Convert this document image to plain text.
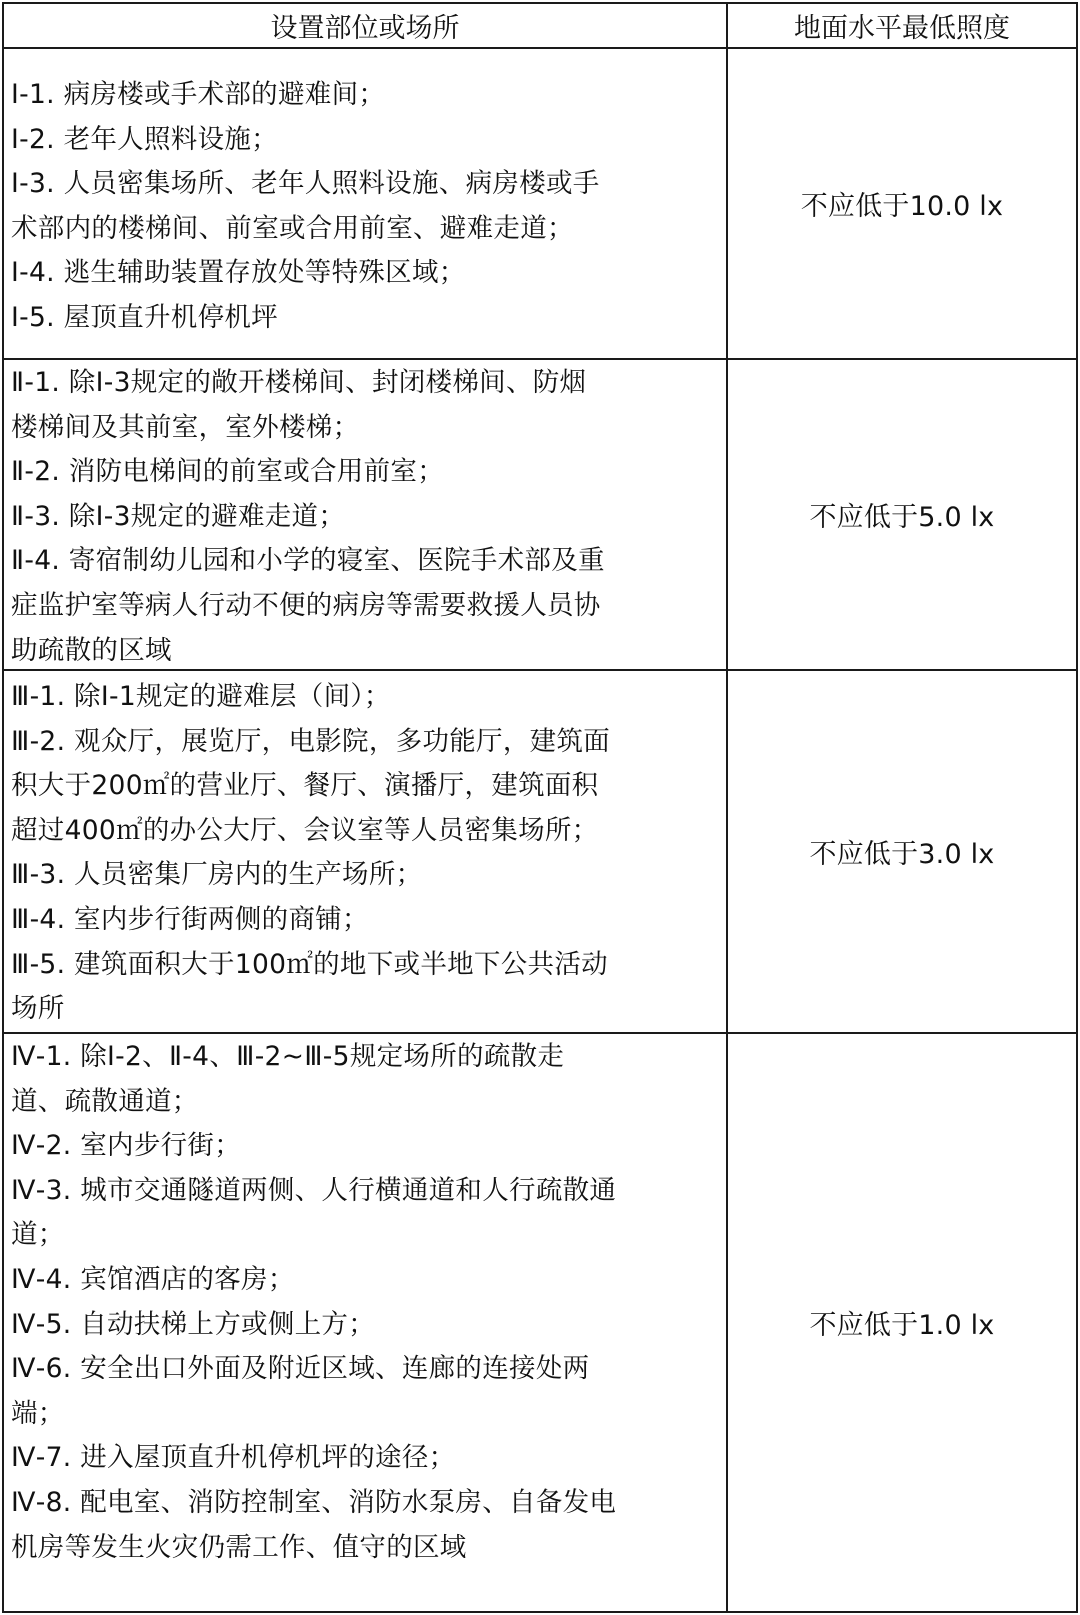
设置部位或场所	地面水平最低照度
Ⅰ-1. 病房楼或手术部的避难间；
Ⅰ-2. 老年人照料设施；
Ⅰ-3. 人员密集场所、老年人照料设施、病房楼或手
术部内的楼梯间、前室或合用前室、避难走道；
Ⅰ-4. 逃生辅助装置存放处等特殊区域；
Ⅰ-5. 屋顶直升机停机坪
不应低于10.0 lx
Ⅱ-1. 除Ⅰ-3规定的敞开楼梯间、封闭楼梯间、防烟
楼梯间及其前室，室外楼梯；
Ⅱ-2. 消防电梯间的前室或合用前室；
Ⅱ-3. 除Ⅰ-3规定的避难走道；
Ⅱ-4. 寄宿制幼儿园和小学的寝室、医院手术部及重
症监护室等病人行动不便的病房等需要救援人员协
助疏散的区域
不应低于5.0 lx
Ⅲ-1. 除Ⅰ-1规定的避难层（间）；
Ⅲ-2. 观众厅，展览厅，电影院，多功能厅，建筑面
积大于200㎡的营业厅、餐厅、演播厅，建筑面积
超过400㎡的办公大厅、会议室等人员密集场所；
Ⅲ-3. 人员密集厂房内的生产场所；
Ⅲ-4. 室内步行街两侧的商铺；
Ⅲ-5. 建筑面积大于100㎡的地下或半地下公共活动
场所
不应低于3.0 lx
Ⅳ-1. 除Ⅰ-2、Ⅱ-4、Ⅲ-2~Ⅲ-5规定场所的疏散走
道、疏散通道；
Ⅳ-2. 室内步行街；
Ⅳ-3. 城市交通隧道两侧、人行横通道和人行疏散通
道；
Ⅳ-4. 宾馆酒店的客房；
Ⅳ-5. 自动扶梯上方或侧上方；
Ⅳ-6. 安全出口外面及附近区域、连廊的连接处两
端；
Ⅳ-7. 进入屋顶直升机停机坪的途径；
Ⅳ-8. 配电室、消防控制室、消防水泵房、自备发电
机房等发生火灾仍需工作、值守的区域
不应低于1.0 lx
